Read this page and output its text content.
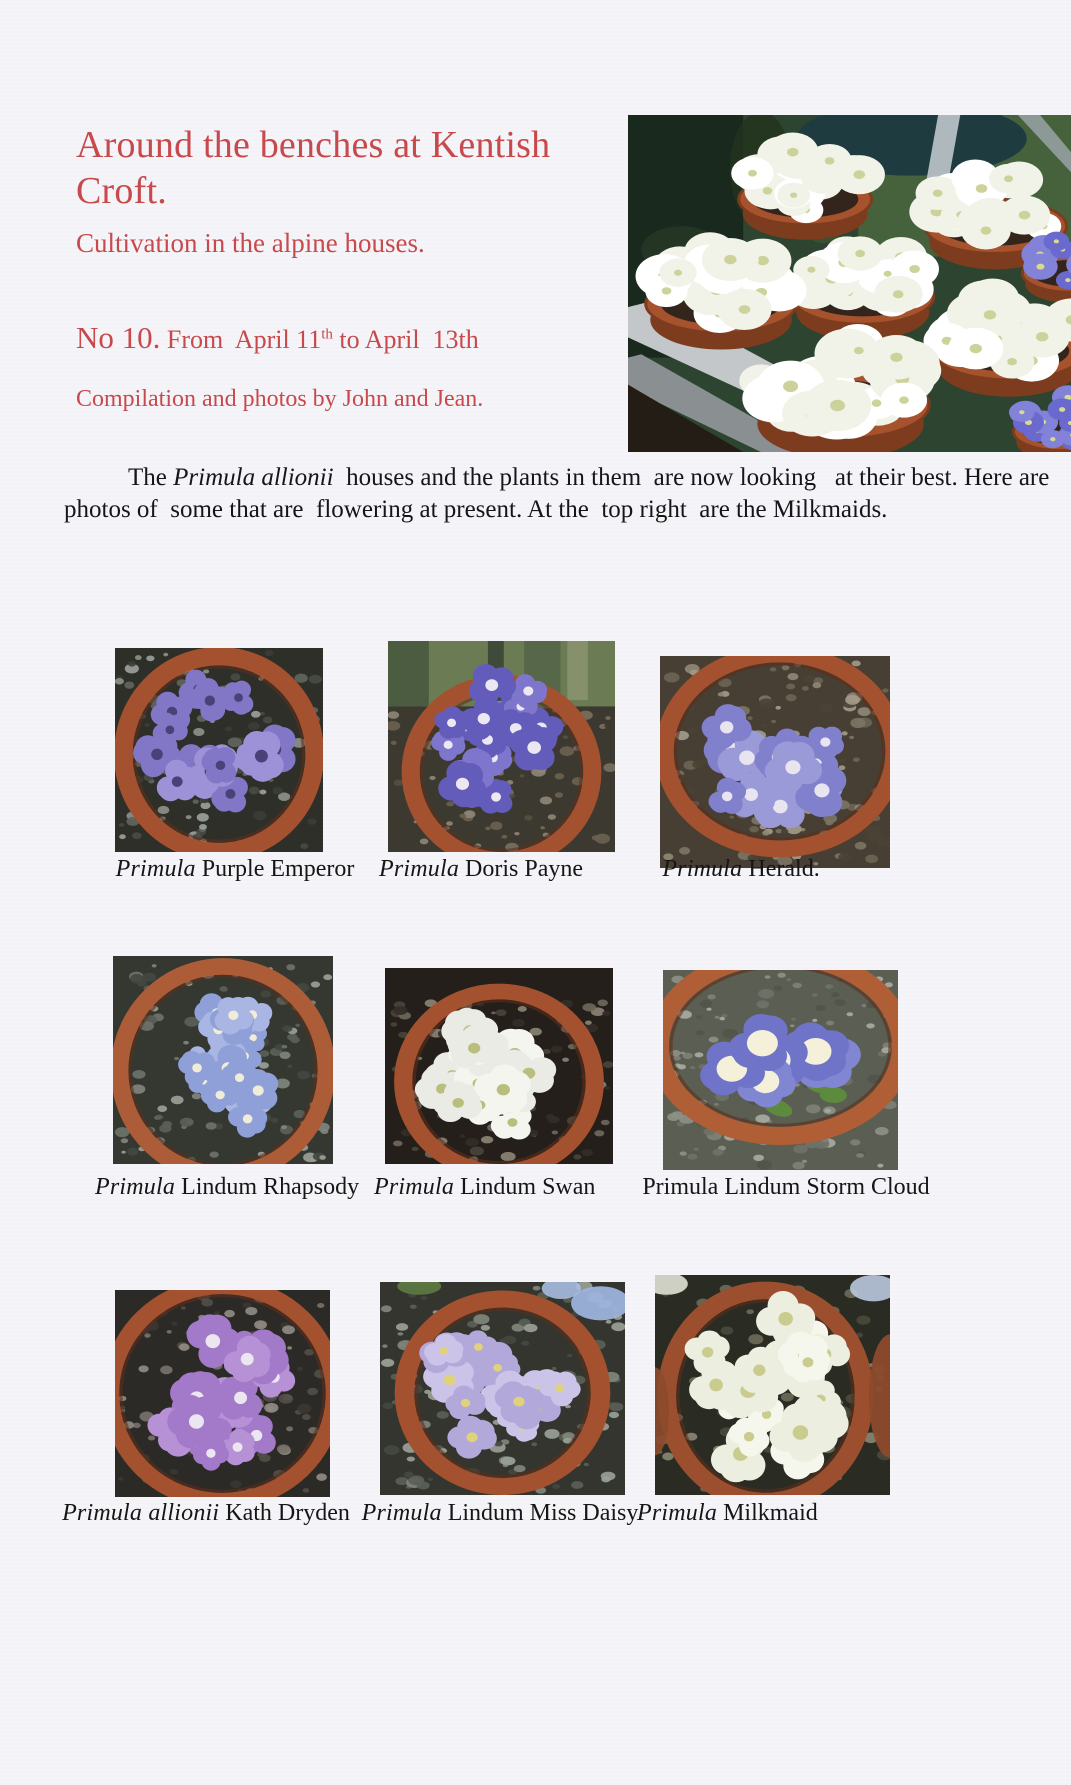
Around the benches at Kentish
Croft.
Cultivation in the alpine houses.
No 10. From  April 11th to April  13th
Compilation and photos by John and Jean.

The Primula allionii  houses and the plants in them  are now looking   at their best. Here are
photos of  some that are  flowering at present. At the  top right  are the Milkmaids.

Primula Purple Emperor	Primula Doris Payne	Primula Herald.
Primula Lindum Rhapsody Primula Lindum Swan Primula Lindum Storm Cloud
Primula allionii Kath Dryden Primula Lindum Miss Daisy
Primula Milkmaid
